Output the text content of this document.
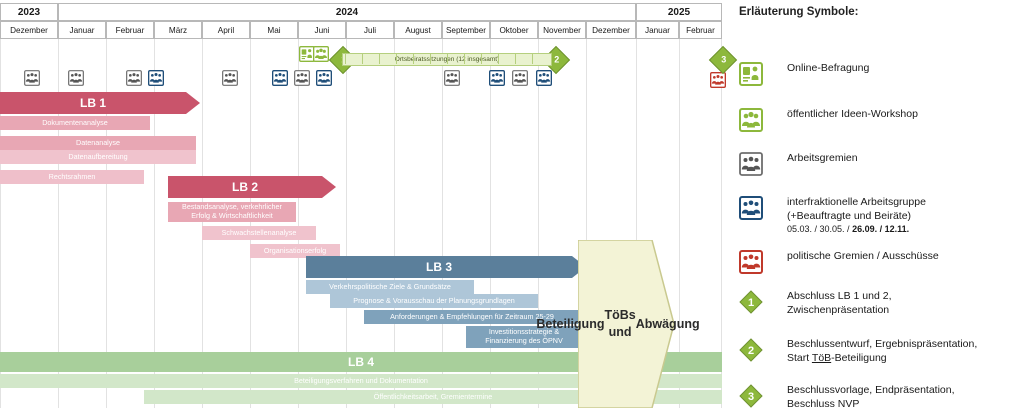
2023	2024	2025
Dezember	Januar	Februar	März	April	Mai	Juni	Juli	August	September	Oktober	November	Dezember	Januar	Februar
LB 1
Dokumentenanalyse
Datenanalyse
Datenaufbereitung
Rechtsrahmen
LB 2
Bestandsanalyse, verkehrlicher
Erfolg & Wirtschaftlichkeit
Schwachstellenanalyse
Organisationserfolg
LB 3
Verkehrspolitische Ziele & Grundsätze
Prognose & Vorausschau der Planungsgrundlagen
Anforderungen & Empfehlungen für Zeitraum 25-29
Investitionsstrategie &
Finanzierung des ÖPNV
LB 4
Beteiligungsverfahren und Dokumentation
Öffentlichkeitsarbeit, Gremientermine
Beteiligung

TöBs und

Abwägung
2	3
Ortsbeiratssitzungen (12 insgesamt)
Erläuterung Symbole:
Online-Befragung
öffentlicher Ideen-Workshop
Arbeitsgremien
interfraktionelle Arbeitsgruppe
(+Beauftragte und Beiräte)
05.03. / 30.05. / 26.09. / 12.11.
politische Gremien / Ausschüsse
1
Abschluss LB 1 und 2,
Zwischenpräsentation
2
Beschlussentwurf, Ergebnispräsentation,
Start TöB-Beteiligung
3
Beschlussvorlage, Endpräsentation,
Beschluss NVP
